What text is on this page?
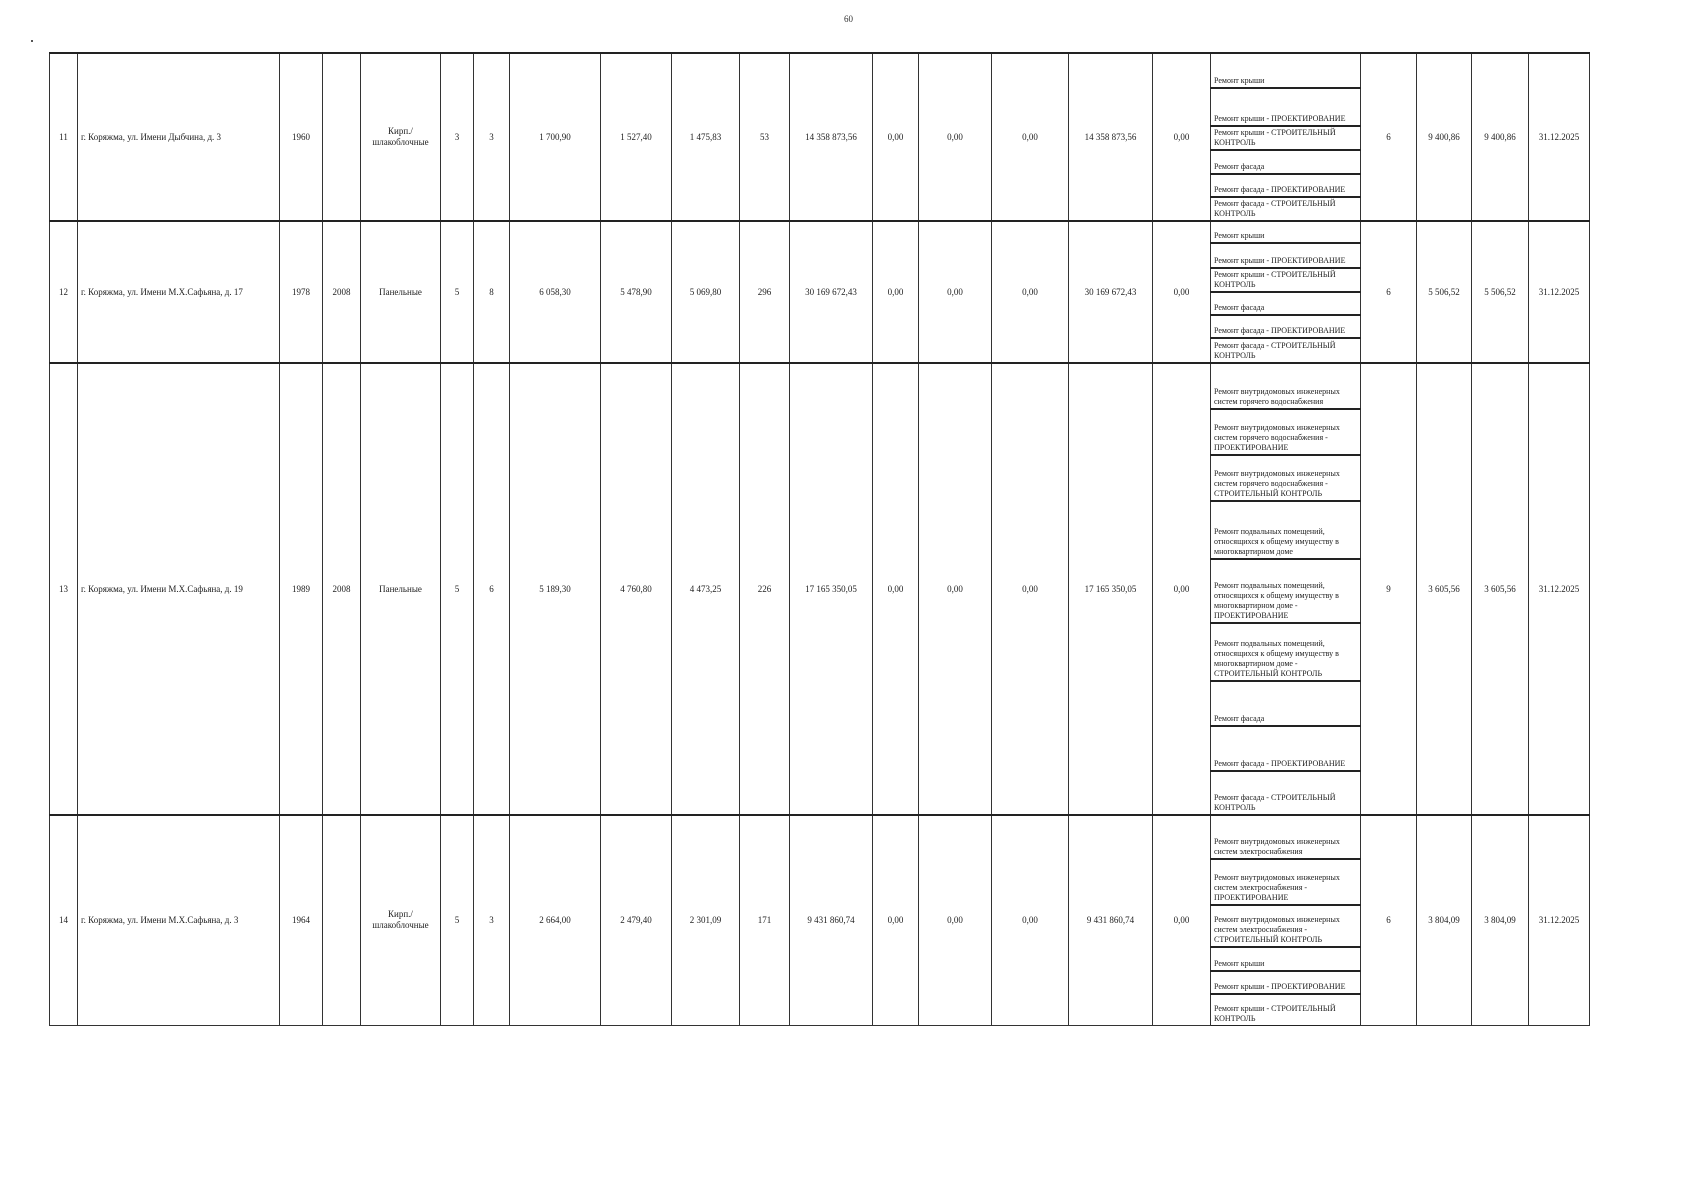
60
11	г. Коряжма, ул. Имени Дыбчина, д. 3	1960		Кирп./шлакоблочные	3	3	1 700,90	1 527,40	1 475,83	53	14 358 873,56	0,00	0,00	0,00	14 358 873,56	0,00	Ремонт крыши	6	9 400,86	9 400,86	31.12.2025

																	Ремонт крыши - ПРОЕКТИРОВАНИЕ				

																	Ремонт крыши - СТРОИТЕЛЬНЫЙ КОНТРОЛЬ				

																	Ремонт фасада				

																	Ремонт фасада - ПРОЕКТИРОВАНИЕ				

																	Ремонт фасада - СТРОИТЕЛЬНЫЙ КОНТРОЛЬ				

12	г. Коряжма, ул. Имени М.Х.Сафьяна, д. 17	1978	2008	Панельные	5	8	6 058,30	5 478,90	5 069,80	296	30 169 672,43	0,00	0,00	0,00	30 169 672,43	0,00	Ремонт крыши	6	5 506,52	5 506,52	31.12.2025

																	Ремонт крыши - ПРОЕКТИРОВАНИЕ				

																	Ремонт крыши - СТРОИТЕЛЬНЫЙ КОНТРОЛЬ				

																	Ремонт фасада				

																	Ремонт фасада - ПРОЕКТИРОВАНИЕ				

																	Ремонт фасада - СТРОИТЕЛЬНЫЙ КОНТРОЛЬ				

13	г. Коряжма, ул. Имени М.Х.Сафьяна, д. 19	1989	2008	Панельные	5	6	5 189,30	4 760,80	4 473,25	226	17 165 350,05	0,00	0,00	0,00	17 165 350,05	0,00	Ремонт внутридомовых инженерных систем горячего водоснабжения	9	3 605,56	3 605,56	31.12.2025

																	Ремонт внутридомовых инженерных систем горячего водоснабжения - ПРОЕКТИРОВАНИЕ				

																	Ремонт внутридомовых инженерных систем горячего водоснабжения - СТРОИТЕЛЬНЫЙ КОНТРОЛЬ				

																	Ремонт подвальных помещений, относящихся к общему имуществу в многоквартирном доме				

																	Ремонт подвальных помещений, относящихся к общему имуществу в многоквартирном доме - ПРОЕКТИРОВАНИЕ				

																	Ремонт подвальных помещений, относящихся к общему имуществу в многоквартирном доме - СТРОИТЕЛЬНЫЙ КОНТРОЛЬ				

																	Ремонт фасада				

																	Ремонт фасада - ПРОЕКТИРОВАНИЕ				

																	Ремонт фасада - СТРОИТЕЛЬНЫЙ КОНТРОЛЬ				

14	г. Коряжма, ул. Имени М.Х.Сафьяна, д. 3	1964		Кирп./шлакоблочные	5	3	2 664,00	2 479,40	2 301,09	171	9 431 860,74	0,00	0,00	0,00	9 431 860,74	0,00	Ремонт внутридомовых инженерных систем электроснабжения	6	3 804,09	3 804,09	31.12.2025

																	Ремонт внутридомовых инженерных систем электроснабжения - ПРОЕКТИРОВАНИЕ				

																	Ремонт внутридомовых инженерных систем электроснабжения - СТРОИТЕЛЬНЫЙ КОНТРОЛЬ				

																	Ремонт крыши				

																	Ремонт крыши - ПРОЕКТИРОВАНИЕ				

																	Ремонт крыши - СТРОИТЕЛЬНЫЙ КОНТРОЛЬ				
